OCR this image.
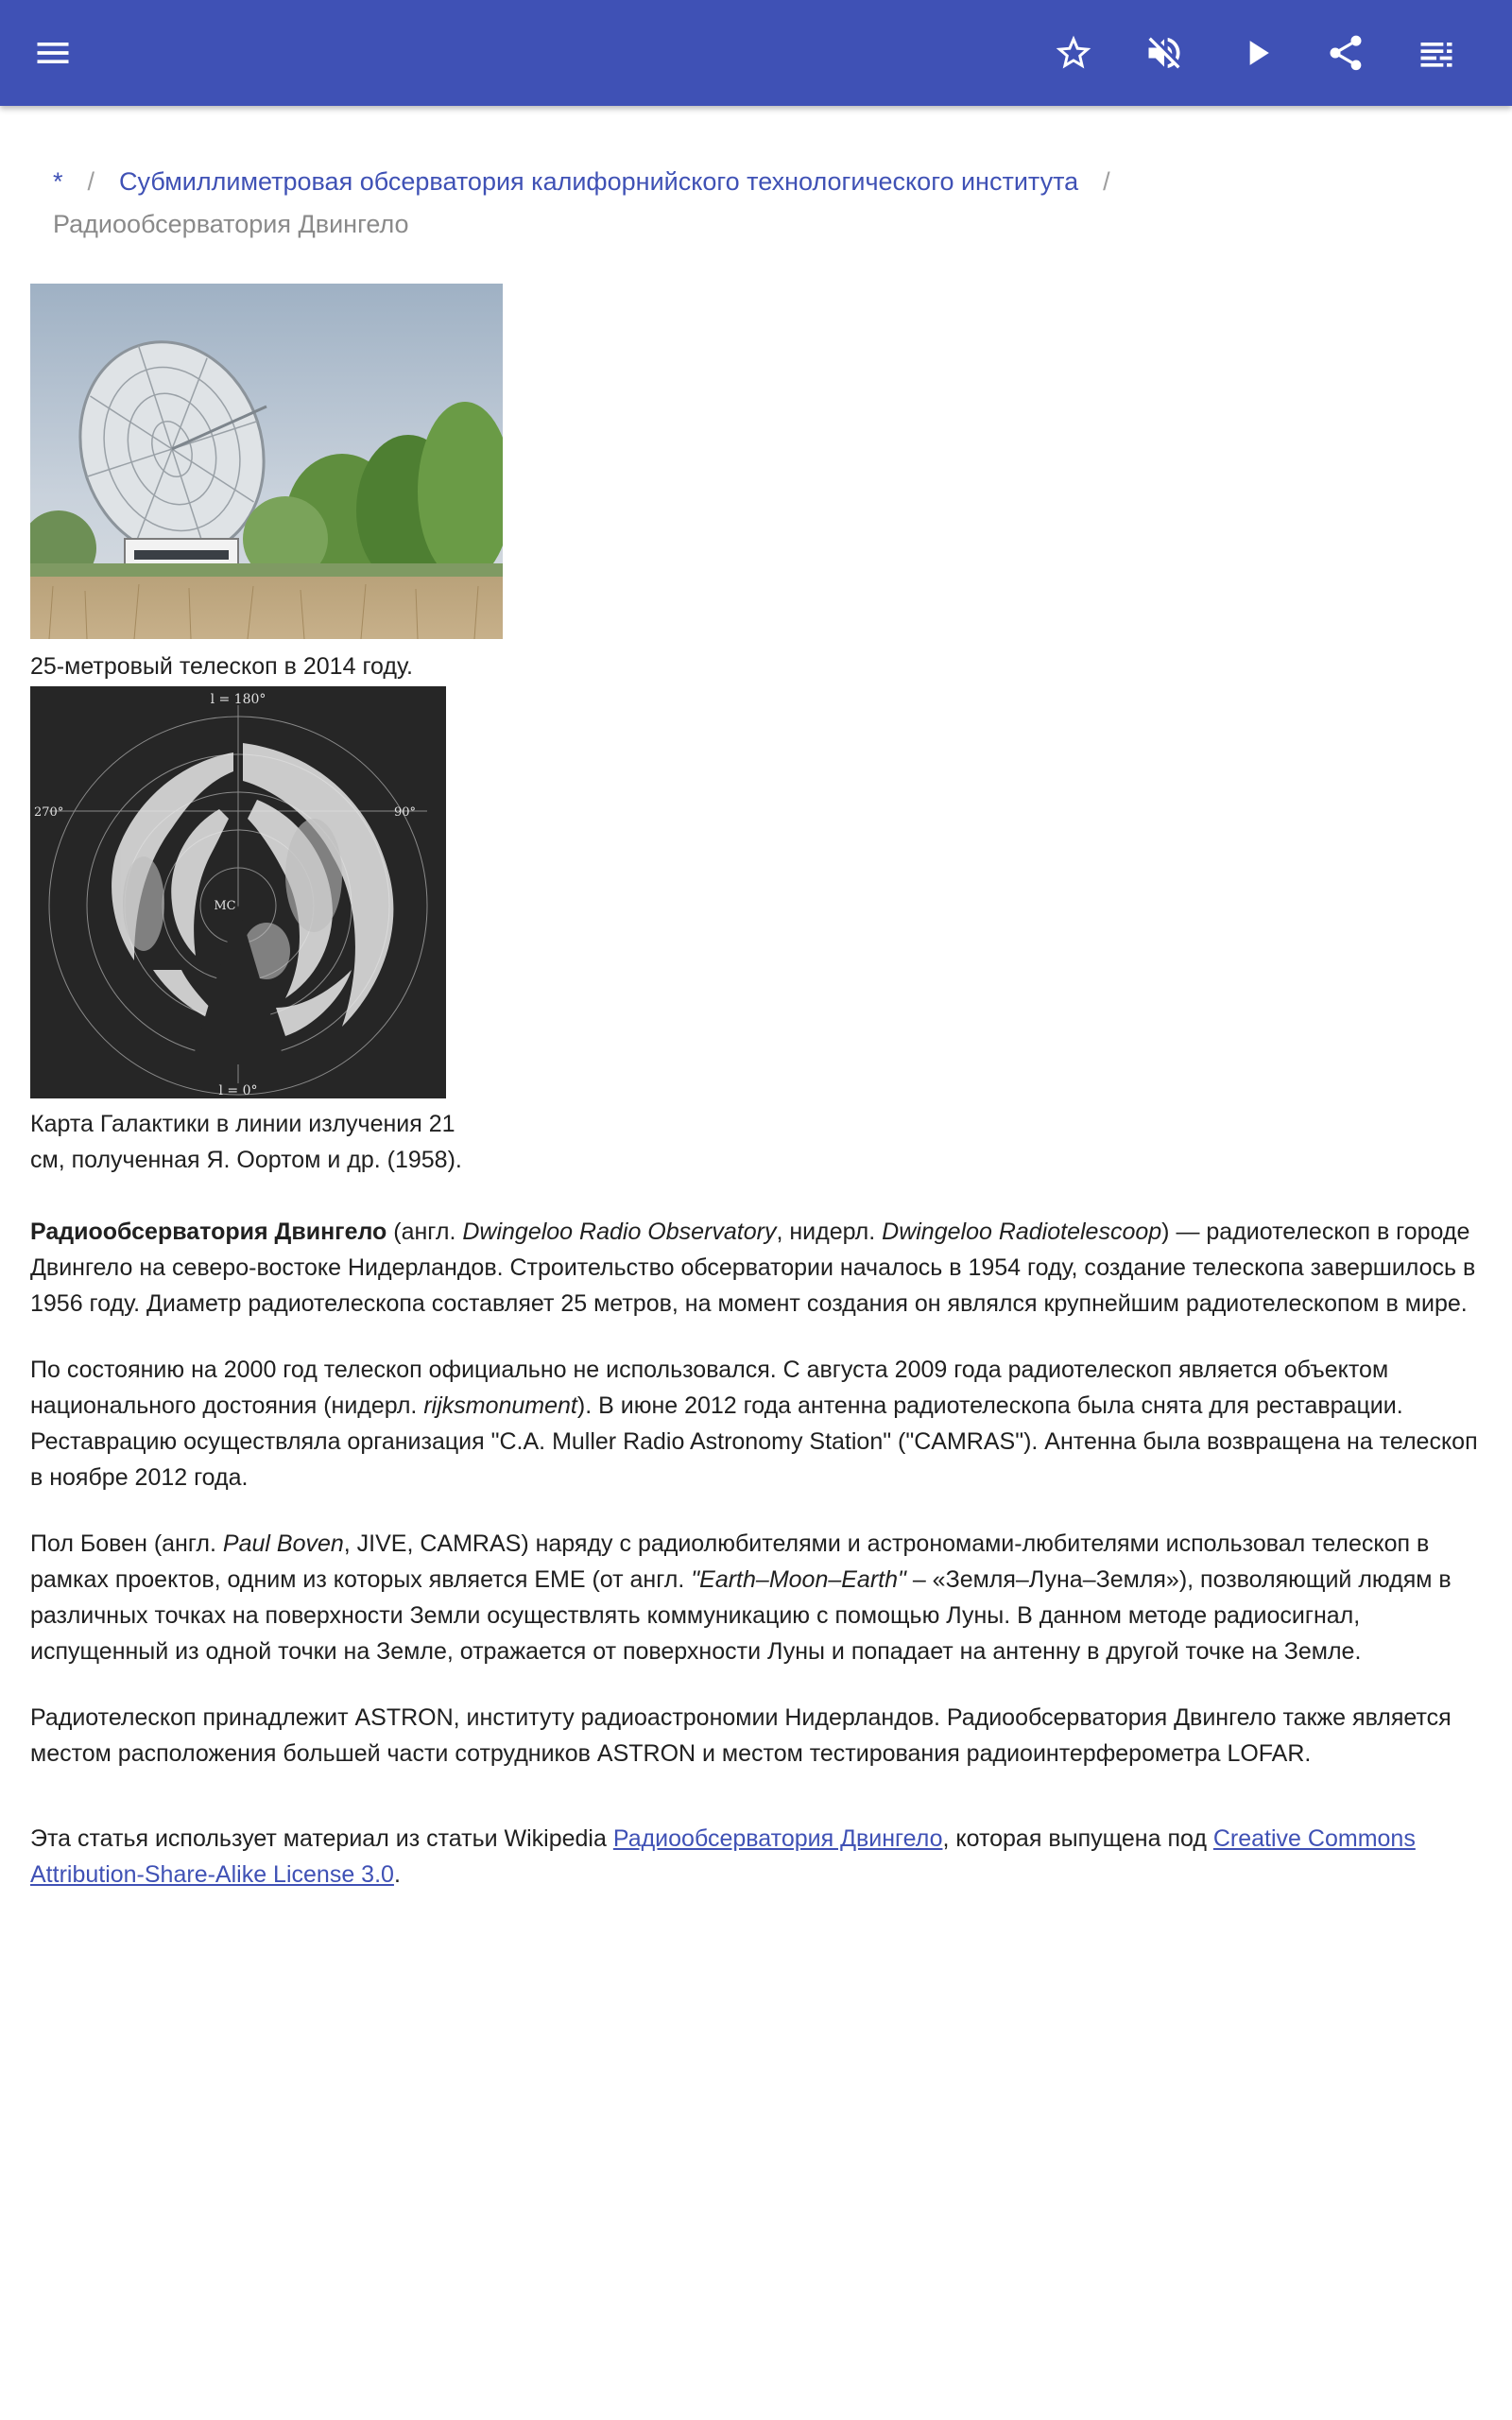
* / Субмиллиметровая обсерватория калифорнийского технологического института /
Радиообсерватория Двингело
25-метровый телескоп в 2014 году.
l = 180°
l = 0°
270°	90°
MC
Карта Галактики в линии излучения 21 см, полученная Я. Оортом и др. (1958).

Радиообсерватория Двингело (англ. Dwingeloo Radio Observatory, нидерл. Dwingeloo Radiotelescoop) — радиотелескоп в городе Двингело на северо-востоке Нидерландов. Строительство обсерватории началось в 1954 году, создание телескопа завершилось в 1956 году. Диаметр радиотелескопа составляет 25 метров, на момент создания он являлся крупнейшим радиотелескопом в мире.

По состоянию на 2000 год телескоп официально не использовался. С августа 2009 года радиотелескоп является объектом национального достояния (нидерл. rijksmonument). В июне 2012 года антенна радиотелескопа была снята для реставрации. Реставрацию осуществляла организация "C.A. Muller Radio Astronomy Station" ("CAMRAS"). Антенна была возвращена на телескоп в ноябре 2012 года.

Пол Бовен (англ. Paul Boven, JIVE, CAMRAS) наряду с радиолюбителями и астрономами-любителями использовал телескоп в рамках проектов, одним из которых является EME (от англ. "Earth–Moon–Earth" – «Земля–Луна–Земля»), позволяющий людям в различных точках на поверхности Земли осуществлять коммуникацию с помощью Луны. В данном методе радиосигнал, испущенный из одной точки на Земле, отражается от поверхности Луны и попадает на антенну в другой точке на Земле.

Радиотелескоп принадлежит ASTRON, институту радиоастрономии Нидерландов. Радиообсерватория Двингело также является местом расположения большей части сотрудников ASTRON и местом тестирования радиоинтерферометра LOFAR.

Эта статья использует материал из статьи Wikipedia Радиообсерватория Двингело, которая выпущена под Creative Commons Attribution-Share-Alike License 3.0.
